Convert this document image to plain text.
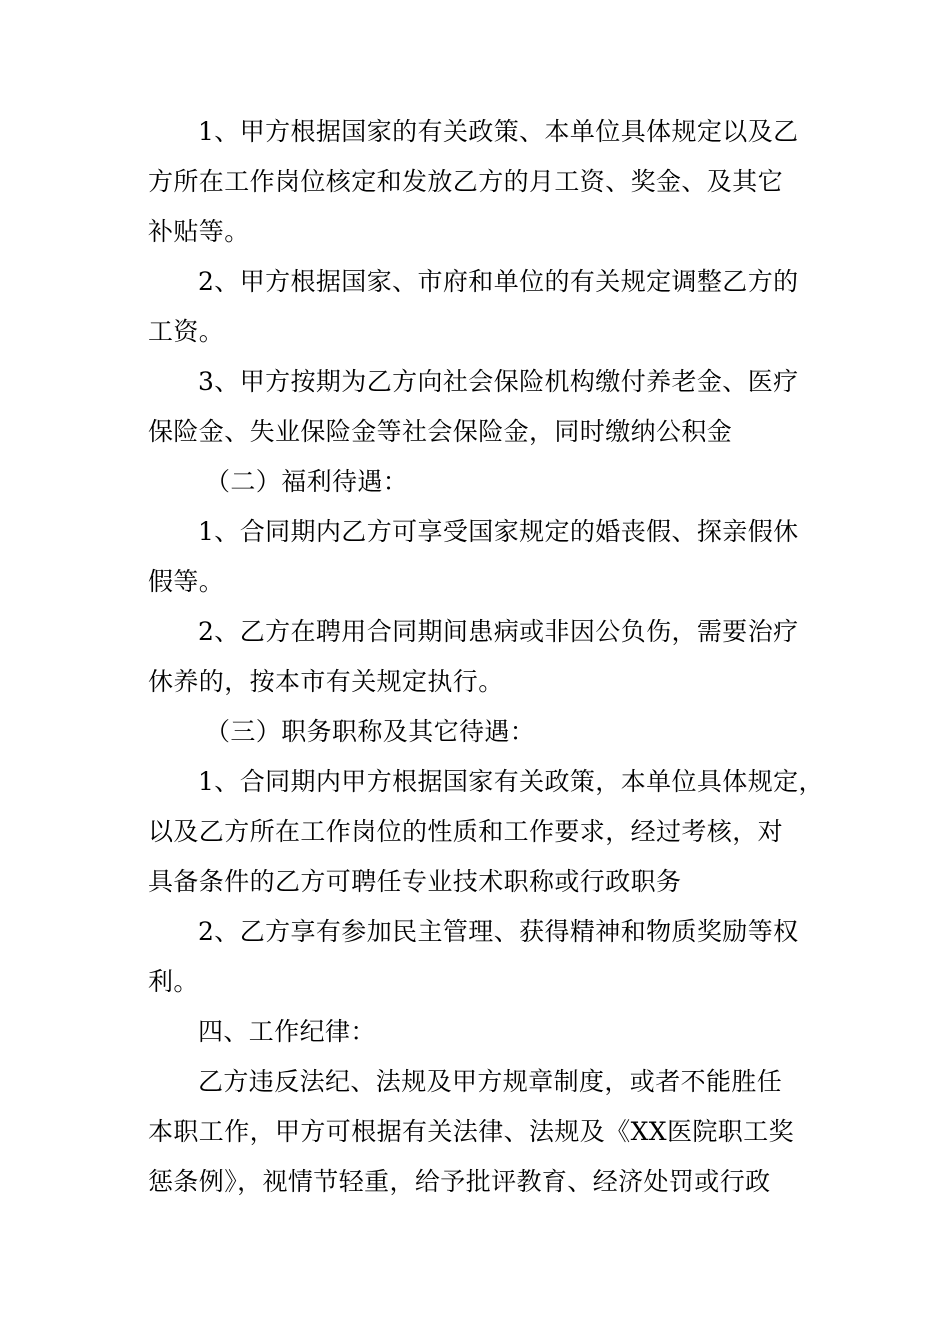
1、甲方根据国家的有关政策、本单位具体规定以及乙
方所在工作岗位核定和发放乙方的月工资、奖金、及其它
补贴等。
2、甲方根据国家、市府和单位的有关规定调整乙方的
工资。
3、甲方按期为乙方向社会保险机构缴付养老金、医疗
保险金、失业保险金等社会保险金，同时缴纳公积金
（二）福利待遇：
1、合同期内乙方可享受国家规定的婚丧假、探亲假休
假等。
2、乙方在聘用合同期间患病或非因公负伤，需要治疗
休养的，按本市有关规定执行。
（三）职务职称及其它待遇：
1、合同期内甲方根据国家有关政策，本单位具体规定，
以及乙方所在工作岗位的性质和工作要求，经过考核，对
具备条件的乙方可聘任专业技术职称或行政职务
2、乙方享有参加民主管理、获得精神和物质奖励等权
利。
四、工作纪律：
乙方违反法纪、法规及甲方规章制度，或者不能胜任
本职工作，甲方可根据有关法律、法规及《XX医院职工奖
惩条例》，视情节轻重，给予批评教育、经济处罚或行政
